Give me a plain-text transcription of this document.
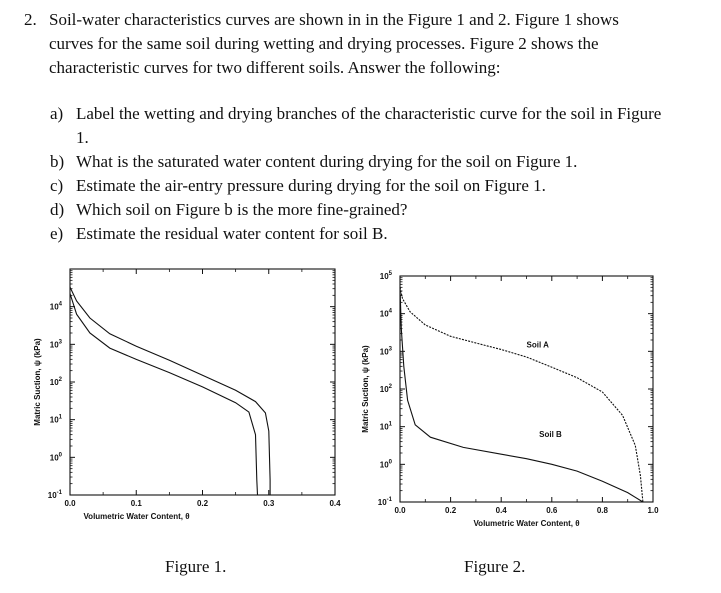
2. Soil-water characteristics curves are shown in in the Figure 1 and 2. Figure 1 shows
curves for the same soil during wetting and drying processes. Figure 2 shows the
characteristic curves for two different soils. Answer the following:
a) Label the wetting and drying branches of the characteristic curve for the soil in Figure
1.
b) What is the saturated water content during drying for the soil on Figure 1.
c) Estimate the air-entry pressure during drying for the soil on Figure 1.
d) Which soil on Figure b is the more fine-grained?
e) Estimate the residual water content for soil B.
$10^4$
$10^3$
$10^2$
$10^1$
$10^0$
$10^{-1}$
0.0	0.1	0.2	0.3	0.4
Volumetric Water Content, θ
Matric Suction, ψ (kPa)
$10^5$
$10^4$
$10^3$
$10^2$
$10^1$
$10^0$
$10^{-1}$
0.0	0.2	0.4	0.6	0.8	1.0
Volumetric Water Content, θ
Matric Suction, ψ (kPa)
Soil A
Soil B
Figure 1.	Figure 2.
